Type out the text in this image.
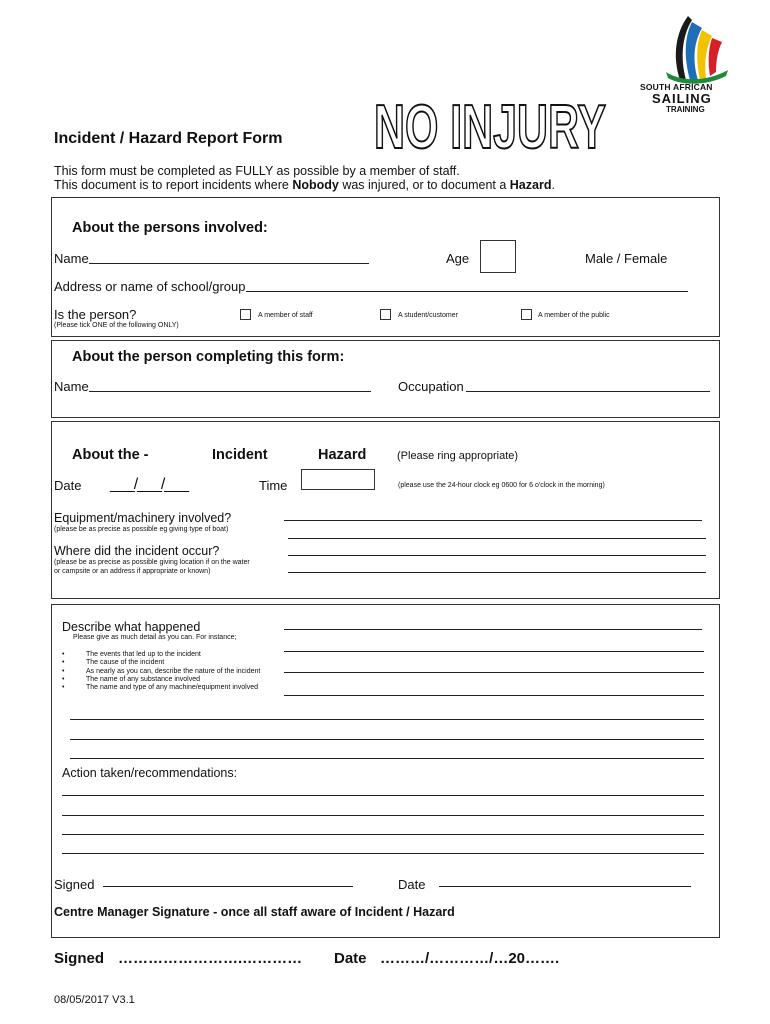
SOUTH AFRICAN
SAILING
TRAINING
NO INJURY
Incident / Hazard Report Form
This form must be completed as FULLY as possible by a member of staff.
This document is to report incidents where Nobody was injured, or to document a Hazard.
About the persons involved:
Name	Age	Male / Female
Address or name of school/group
Is the person?
(Please tick ONE of the following ONLY)
A member of staff	A student/customer	A member of the public
About the person completing this form:
Name	Occupation
About the -	Incident	Hazard	(Please ring appropriate)
Date ___/___/___	Time	(please use the 24-hour clock eg 0600 for 6 o'clock in the morning)
Equipment/machinery involved?
(please be as precise as possible eg giving type of boat)
Where did the incident occur?
(please be as precise as possible giving location if on the water
or campsite or an address if appropriate or known)
Describe what happened
Please give as much detail as you can. For instance;
•	The events that led up to the incident
•	The cause of the incident
•	As nearly as you can, describe the nature of the incident
•	The name of any substance involved
•	The name and type of any machine/equipment involved
Action taken/recommendations:
Signed	Date
Centre Manager Signature - once all staff aware of Incident / Hazard
Signed …………………….………… Date ………/…………/…20…….
08/05/2017 V3.1
